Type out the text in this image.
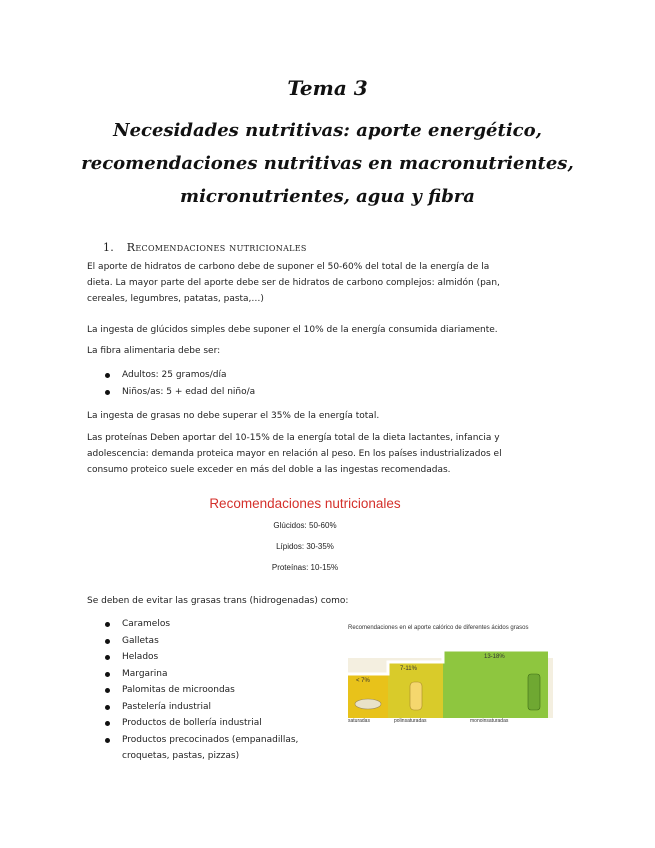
Tema 3
Necesidades nutritivas: aporte energético, recomendaciones nutritivas en macronutrientes, micronutrientes, agua y fibra
1. Recomendaciones nutricionales

El aporte de hidratos de carbono debe de suponer el 50-60% del total de la energía de la dieta. La mayor parte del aporte debe ser de hidratos de carbono complejos: almidón (pan, cereales, legumbres, patatas, pasta,…)

La ingesta de glúcidos simples debe suponer el 10% de la energía consumida diariamente.

La fibra alimentaria debe ser:

Adultos: 25 gramos/día
Niños/as: 5 + edad del niño/a

La ingesta de grasas no debe superar el 35% de la energía total.

Las proteínas Deben aportar del 10-15% de la energía total de la dieta lactantes, infancia y adolescencia: demanda proteica mayor en relación al peso. En los países industrializados el consumo proteico suele exceder en más del doble a las ingestas recomendadas.

Recomendaciones nutricionales
Glúcidos: 50-60%
Lípidos: 30-35%
Proteínas: 10-15%

Se deben de evitar las grasas trans (hidrogenadas) como:

Caramelos
Galletas
Helados
Margarina
Palomitas de microondas
Pastelería industrial
Productos de bollería industrial
Productos precocinados (empanadillas, croquetas, pastas, pizzas)
Recomendaciones en el aporte calórico de diferentes ácidos grasos
< 7%
7-11%
13-18%
saturadas	polinsaturadas	monoinsaturadas
